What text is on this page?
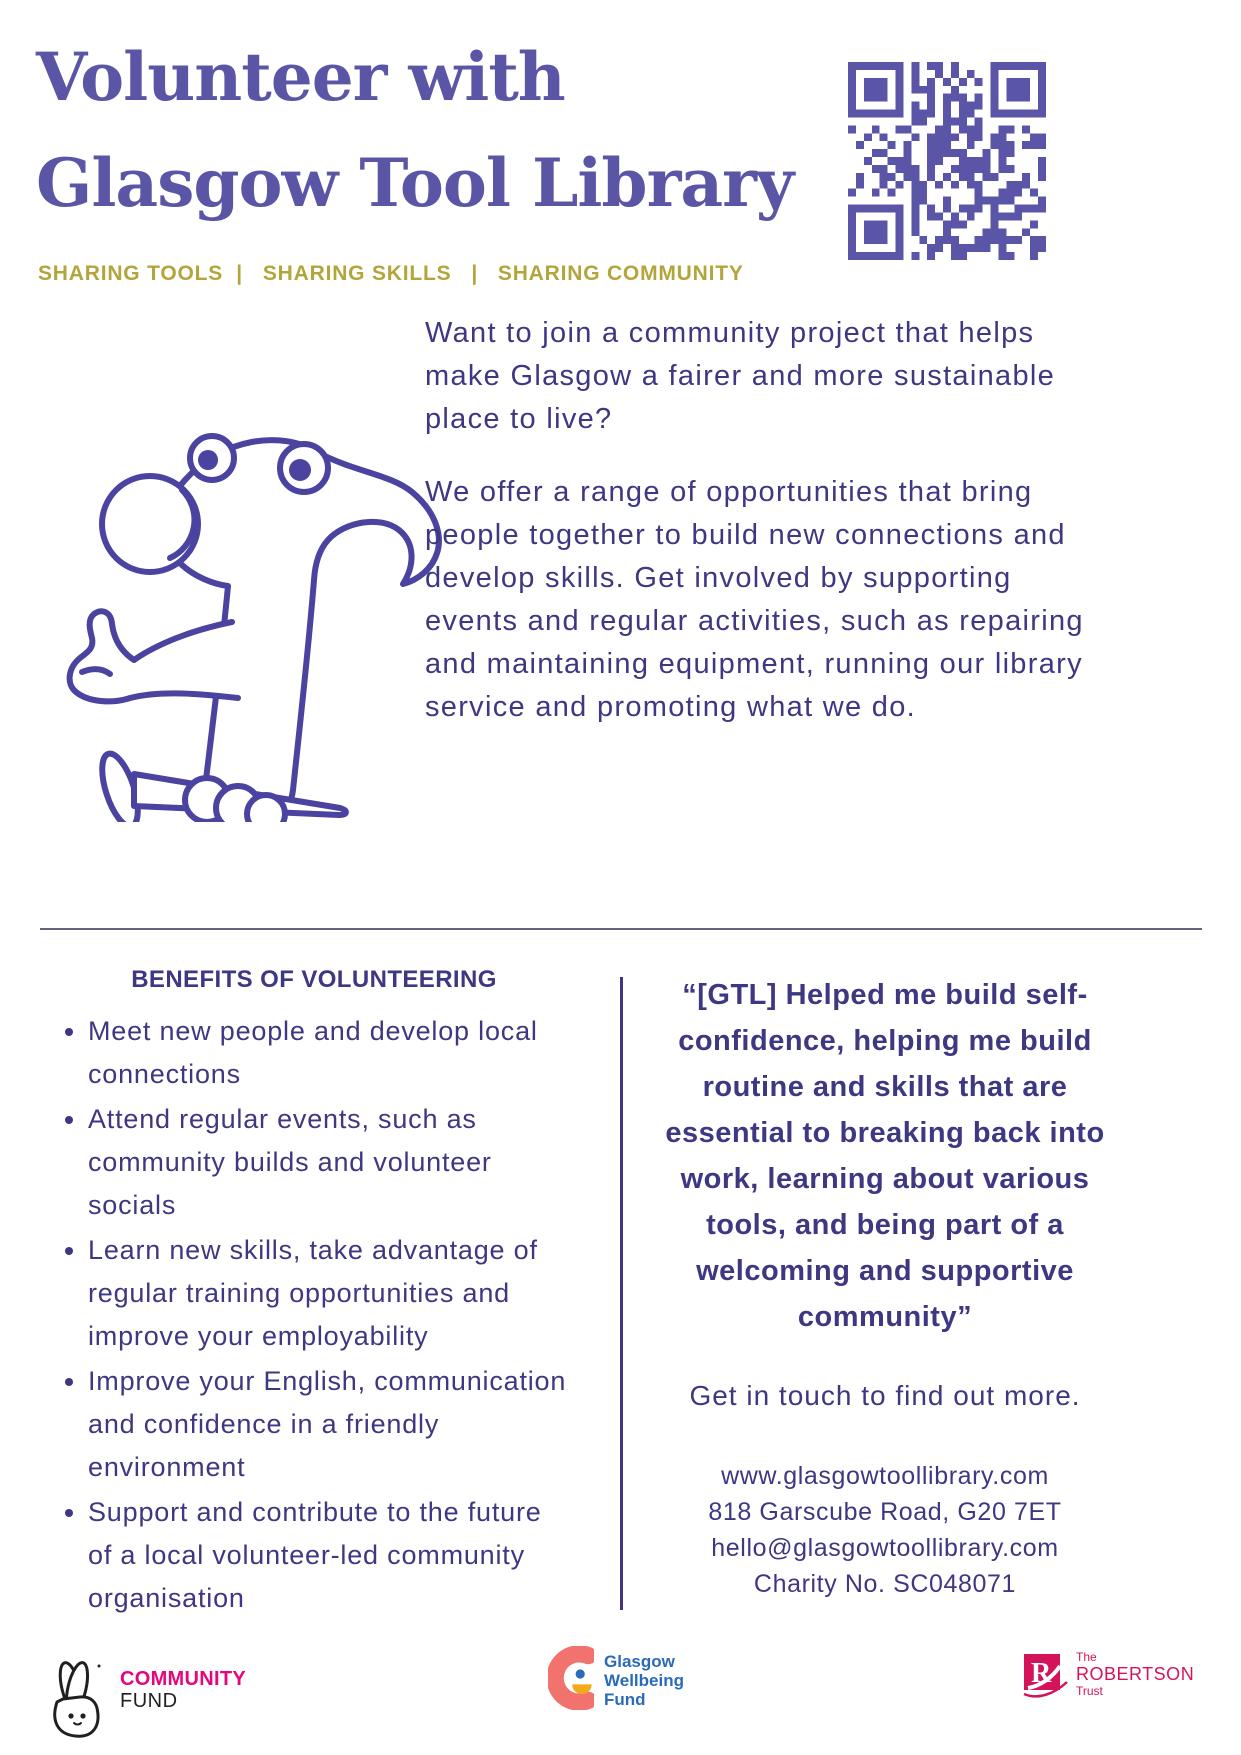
Volunteer with
Glasgow Tool Library
SHARING TOOLS  |   SHARING SKILLS   |   SHARING COMMUNITY

Want to join a community project that helps make Glasgow a fairer and more sustainable place to live?

We offer a range of opportunities that bring people together to build new connections and develop skills. Get involved by supporting events and regular activities, such as repairing and maintaining equipment, running our library service and promoting what we do.

BENEFITS OF VOLUNTEERING
• Meet new people and develop local connections
• Attend regular events, such as community builds and volunteer socials
• Learn new skills, take advantage of regular training opportunities and improve your employability
• Improve your English, communication and confidence in a friendly environment
• Support and contribute to the future of a local volunteer-led community organisation
“[GTL] Helped me build self-confidence, helping me build routine and skills that are essential to breaking back into work, learning about various tools, and being part of a welcoming and supportive community”
Get in touch to find out more.
www.glasgowtoollibrary.com
818 Garscube Road, G20 7ET
hello@glasgowtoollibrary.com
Charity No. SC048071
COMMUNITY
FUND
Glasgow
Wellbeing
Fund
R
The
ROBERTSON
Trust
